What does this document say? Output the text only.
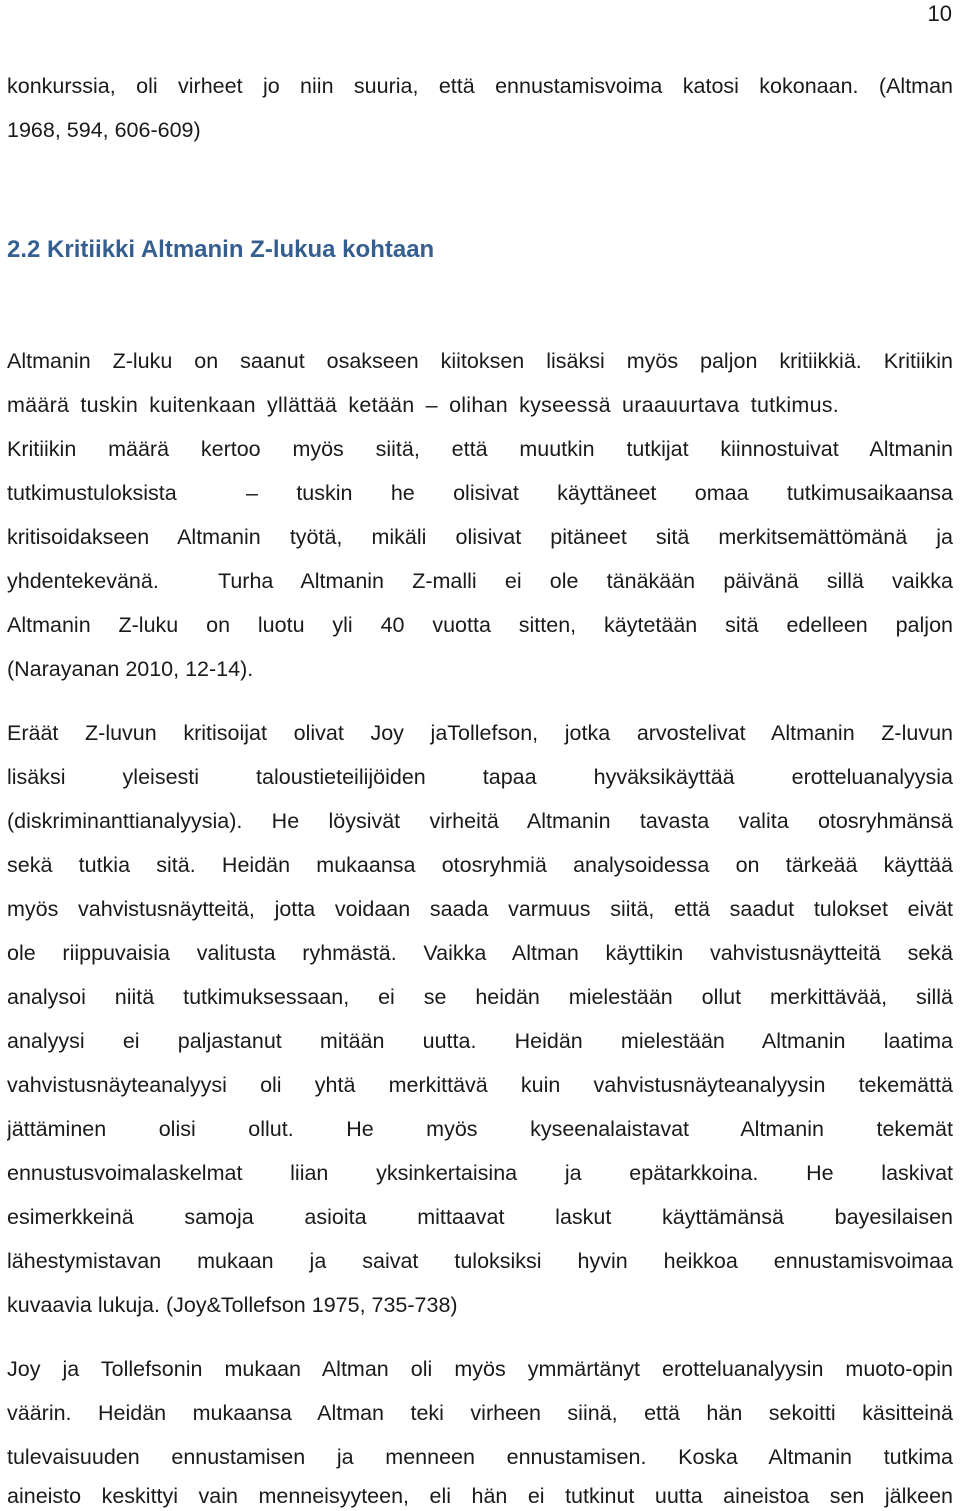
10
konkurssia, oli virheet jo niin suuria, että ennustamisvoima katosi kokonaan. (Altman
1968, 594, 606-609)
2.2 Kritiikki Altmanin Z-lukua kohtaan
Altmanin Z-luku on saanut osakseen kiitoksen lisäksi myös paljon kritiikkiä. Kritiikin
määrä tuskin kuitenkaan yllättää ketään – olihan kyseessä uraauurtava tutkimus.
Kritiikin määrä kertoo myös siitä, että muutkin tutkijat kiinnostuivat Altmanin
tutkimustuloksista	– tuskin he olisivat käyttäneet omaa tutkimusaikaansa
kritisoidakseen Altmanin työtä, mikäli olisivat pitäneet sitä merkitsemättömänä ja
yhdentekevänä.	Turha Altmanin Z-malli ei ole tänäkään päivänä sillä vaikka
Altmanin Z-luku on luotu yli 40 vuotta sitten, käytetään sitä edelleen paljon
(Narayanan 2010, 12-14).
Eräät Z-luvun kritisoijat olivat Joy jaTollefson, jotka arvostelivat Altmanin Z-luvun
lisäksi yleisesti taloustieteilijöiden tapaa hyväksikäyttää erotteluanalyysia
(diskriminanttianalyysia). He löysivät virheitä Altmanin tavasta valita otosryhmänsä
sekä tutkia sitä. Heidän mukaansa otosryhmiä analysoidessa on tärkeää käyttää
myös vahvistusnäytteitä, jotta voidaan saada varmuus siitä, että saadut tulokset eivät
ole riippuvaisia valitusta ryhmästä. Vaikka Altman käyttikin vahvistusnäytteitä sekä
analysoi niitä tutkimuksessaan, ei se heidän mielestään ollut merkittävää, sillä
analyysi ei paljastanut mitään uutta. Heidän mielestään Altmanin laatima
vahvistusnäyteanalyysi oli yhtä merkittävä kuin vahvistusnäyteanalyysin tekemättä
jättäminen olisi ollut. He myös kyseenalaistavat Altmanin tekemät
ennustusvoimalaskelmat liian yksinkertaisina ja epätarkkoina. He laskivat
esimerkkeinä samoja asioita mittaavat laskut käyttämänsä bayesilaisen
lähestymistavan mukaan ja saivat tuloksiksi hyvin heikkoa ennustamisvoimaa
kuvaavia lukuja. (Joy&Tollefson 1975, 735-738)
Joy ja Tollefsonin mukaan Altman oli myös ymmärtänyt erotteluanalyysin muoto-opin
väärin. Heidän mukaansa Altman teki virheen siinä, että hän sekoitti käsitteinä
tulevaisuuden ennustamisen ja menneen ennustamisen. Koska Altmanin tutkima
aineisto keskittyi vain menneisyyteen, eli hän ei tutkinut uutta aineistoa sen jälkeen
